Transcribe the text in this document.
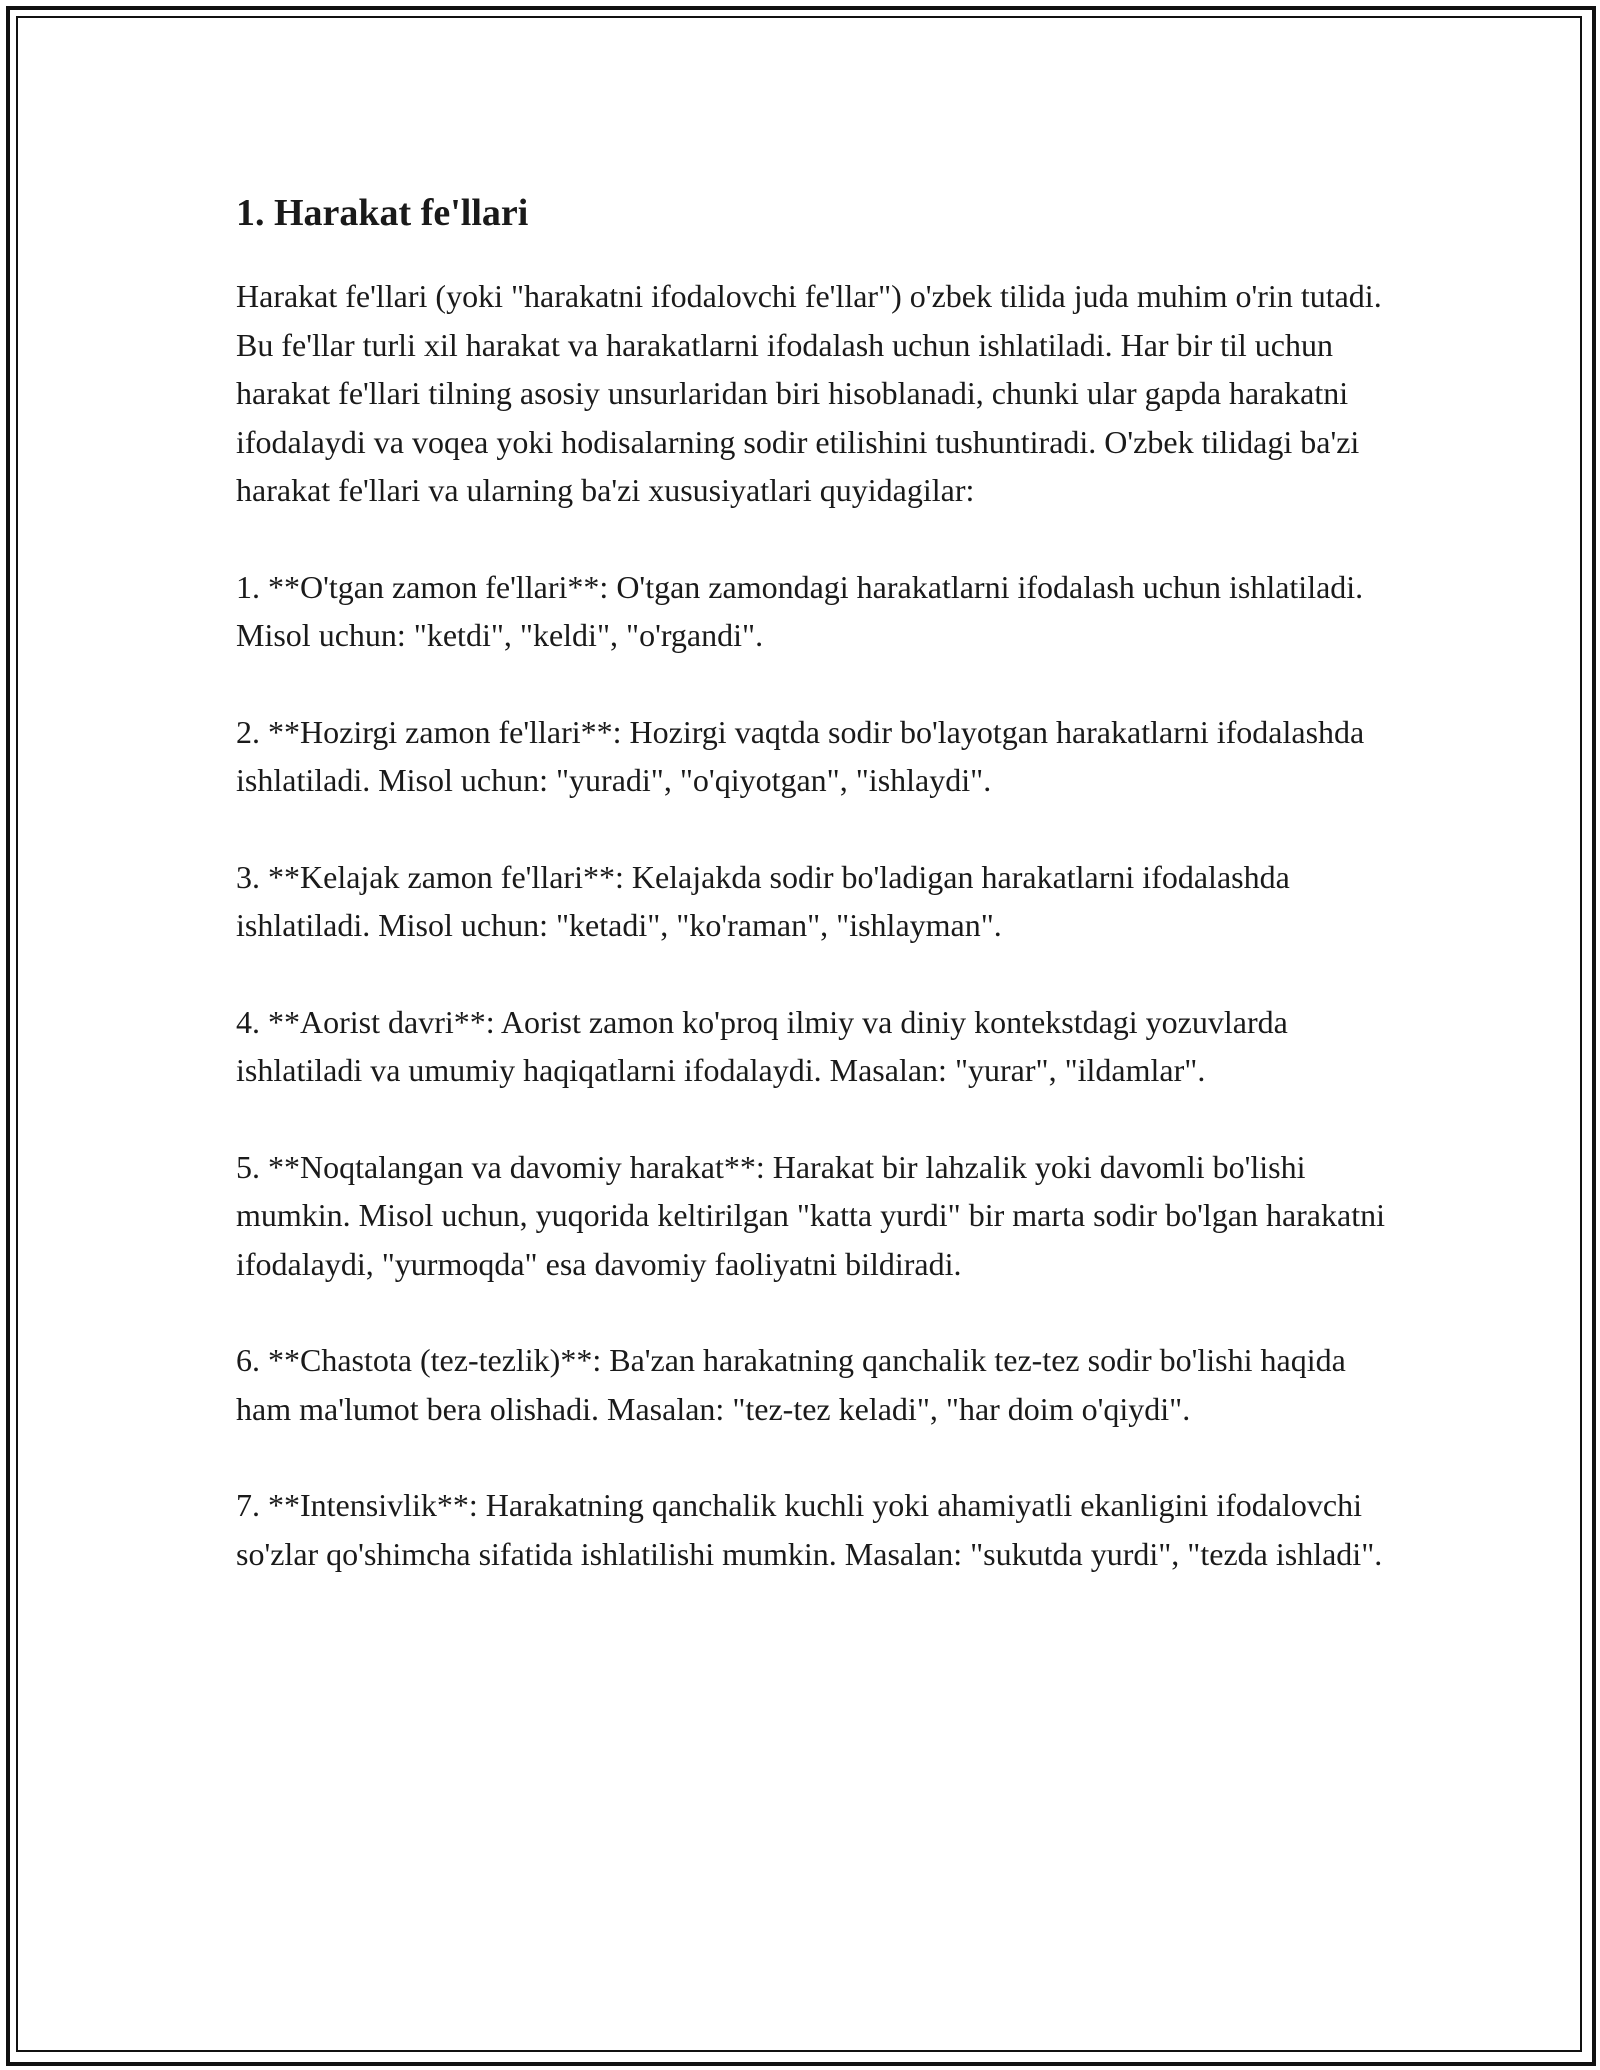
1. Harakat fe'llari

Harakat fe'llari (yoki "harakatni ifodalovchi fe'llar") o'zbek tilida juda muhim o'rin tutadi. Bu fe'llar turli xil harakat va harakatlarni ifodalash uchun ishlatiladi. Har bir til uchun harakat fe'llari tilning asosiy unsurlaridan biri hisoblanadi, chunki ular gapda harakatni ifodalaydi va voqea yoki hodisalarning sodir etilishini tushuntiradi. O'zbek tilidagi ba'zi harakat fe'llari va ularning ba'zi xususiyatlari quyidagilar:

1. **O'tgan zamon fe'llari**: O'tgan zamondagi harakatlarni ifodalash uchun ishlatiladi. Misol uchun: "ketdi", "keldi", "o'rgandi".

2. **Hozirgi zamon fe'llari**: Hozirgi vaqtda sodir bo'layotgan harakatlarni ifodalashda ishlatiladi. Misol uchun: "yuradi", "o'qiyotgan", "ishlaydi".

3. **Kelajak zamon fe'llari**: Kelajakda sodir bo'ladigan harakatlarni ifodalashda ishlatiladi. Misol uchun: "ketadi", "ko'raman", "ishlayman".

4. **Aorist davri**: Aorist zamon ko'proq ilmiy va diniy kontekstdagi yozuvlarda ishlatiladi va umumiy haqiqatlarni ifodalaydi. Masalan: "yurar", "ildamlar".

5. **Noqtalangan va davomiy harakat**: Harakat bir lahzalik yoki davomli bo'lishi mumkin. Misol uchun, yuqorida keltirilgan "katta yurdi" bir marta sodir bo'lgan harakatni ifodalaydi, "yurmoqda" esa davomiy faoliyatni bildiradi.

6. **Chastota (tez-tezlik)**: Ba'zan harakatning qanchalik tez-tez sodir bo'lishi haqida ham ma'lumot bera olishadi. Masalan: "tez-tez keladi", "har doim o'qiydi".

7. **Intensivlik**: Harakatning qanchalik kuchli yoki ahamiyatli ekanligini ifodalovchi so'zlar qo'shimcha sifatida ishlatilishi mumkin. Masalan: "sukutda yurdi", "tezda ishladi".
